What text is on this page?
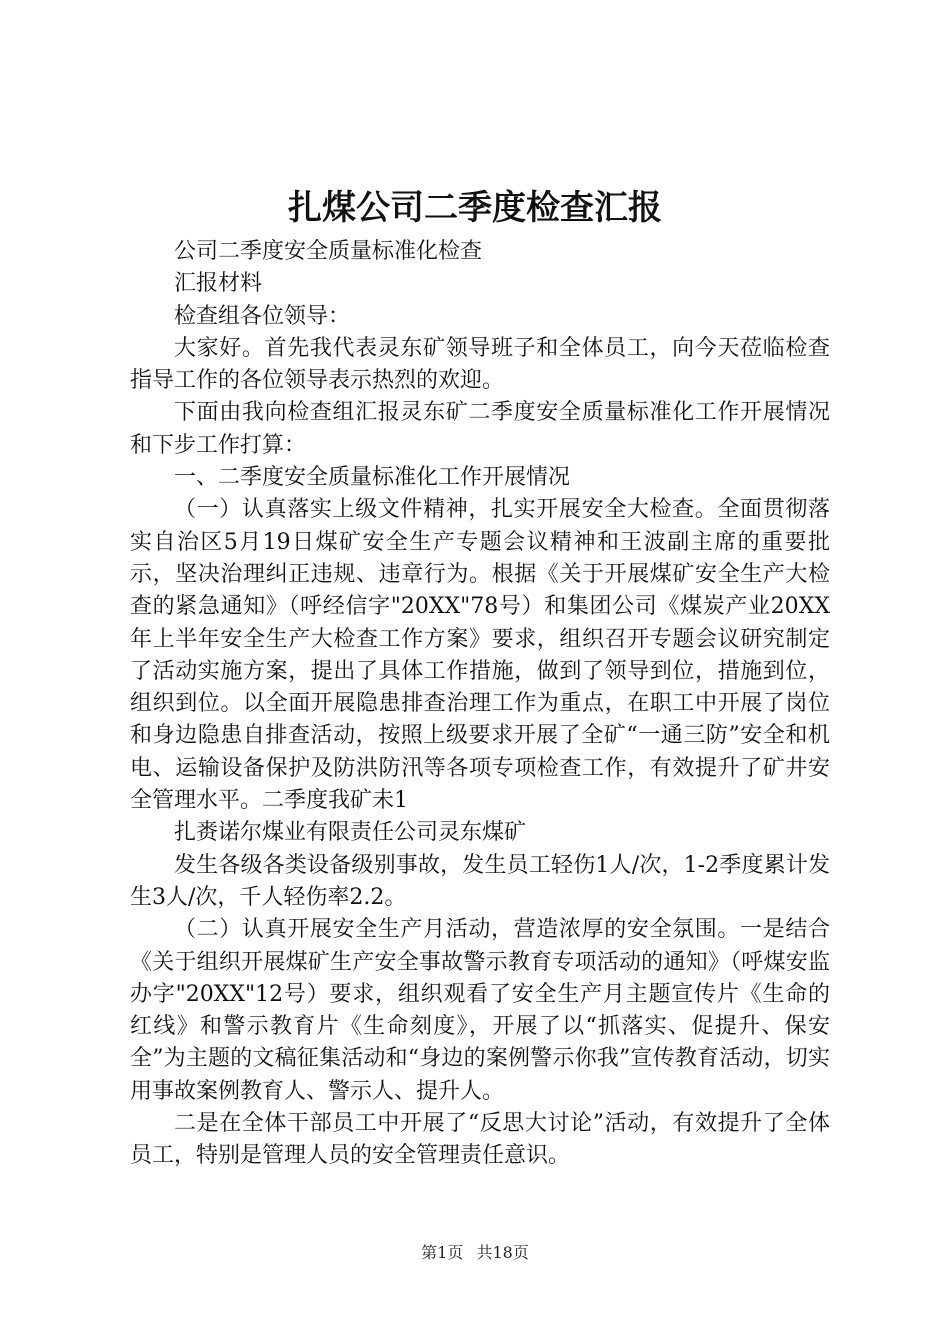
扎煤公司二季度检查汇报

公司二季度安全质量标准化检查

汇报材料

检查组各位领导：

大家好。首先我代表灵东矿领导班子和全体员工，向今天莅临检查指导工作的各位领导表示热烈的欢迎。

下面由我向检查组汇报灵东矿二季度安全质量标准化工作开展情况和下步工作打算：

一、二季度安全质量标准化工作开展情况

（一）认真落实上级文件精神，扎实开展安全大检查。全面贯彻落实自治区5月19日煤矿安全生产专题会议精神和王波副主席的重要批示，坚决治理纠正违规、违章行为。根据《关于开展煤矿安全生产大检查的紧急通知》（呼经信字"20XX"78号）和集团公司《煤炭产业20XX年上半年安全生产大检查工作方案》要求，组织召开专题会议研究制定了活动实施方案，提出了具体工作措施，做到了领导到位，措施到位，组织到位。以全面开展隐患排查治理工作为重点，在职工中开展了岗位和身边隐患自排查活动，按照上级要求开展了全矿“一通三防”安全和机电、运输设备保护及防洪防汛等各项专项检查工作，有效提升了矿井安全管理水平。二季度我矿未1

扎赉诺尔煤业有限责任公司灵东煤矿

发生各级各类设备级别事故，发生员工轻伤1人/次，1-2季度累计发生3人/次，千人轻伤率2.2。

（二）认真开展安全生产月活动，营造浓厚的安全氛围。一是结合《关于组织开展煤矿生产安全事故警示教育专项活动的通知》（呼煤安监办字"20XX"12号）要求，组织观看了安全生产月主题宣传片《生命的红线》和警示教育片《生命刻度》，开展了以“抓落实、促提升、保安全”为主题的文稿征集活动和“身边的案例警示你我”宣传教育活动，切实用事故案例教育人、警示人、提升人。

二是在全体干部员工中开展了“反思大讨论”活动，有效提升了全体员工，特别是管理人员的安全管理责任意识。

第1页 共18页
